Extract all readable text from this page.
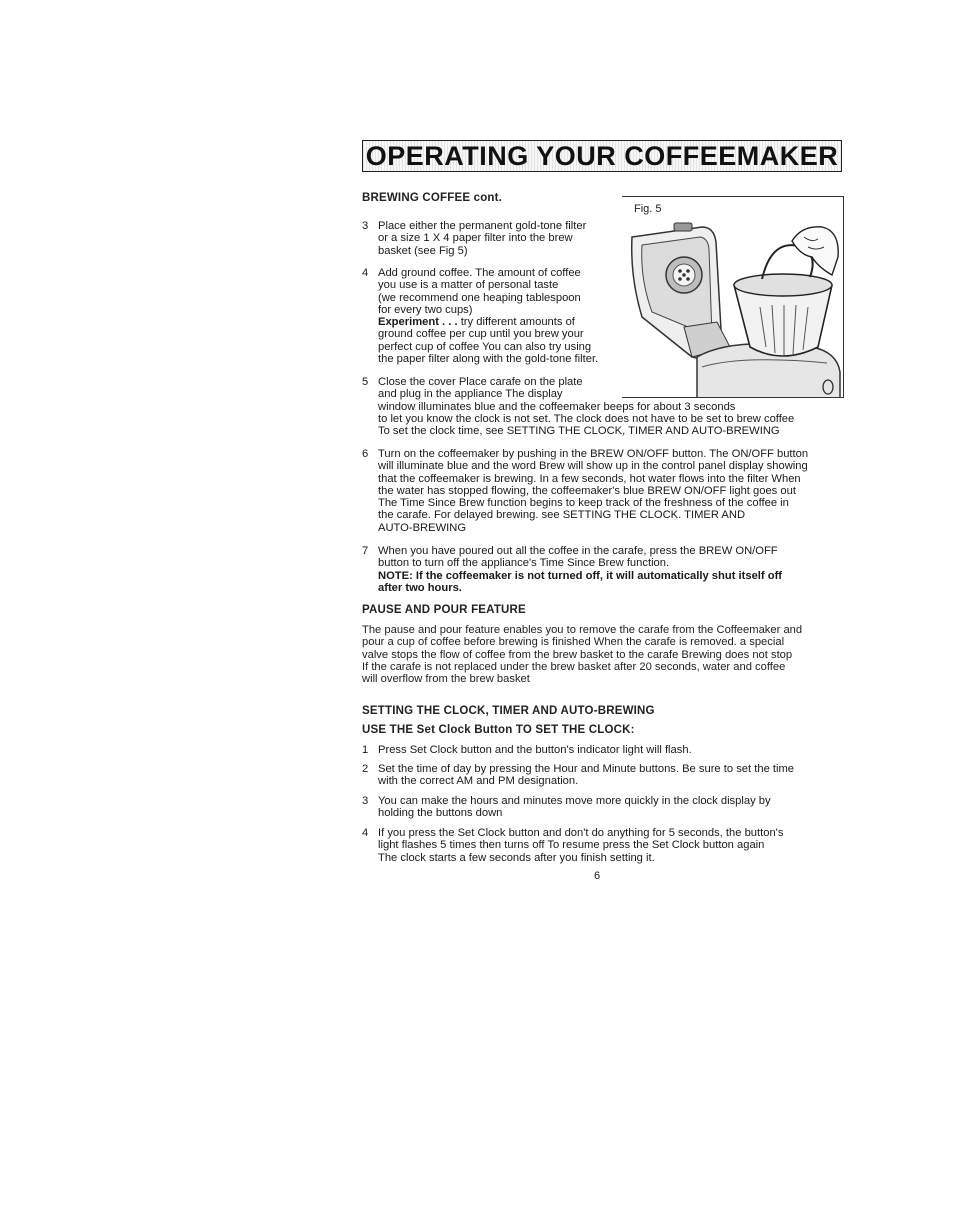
OPERATING YOUR COFFEEMAKER
BREWING COFFEE cont.
3 Place either the permanent gold-tone filter
or a size 1 X 4 paper filter into the brew
basket (see Fig 5)
4 Add ground coffee. The amount of coffee
you use is a matter of personal taste
(we recommend one heaping tablespoon
for every two cups)
Experiment . . . try different amounts of
ground coffee per cup until you brew your
perfect cup of coffee You can also try using
the paper filter along with the gold-tone filter.
5 Close the cover Place carafe on the plate
and plug in the appliance The display
window illuminates blue and the coffeemaker beeps for about 3 seconds
to let you know the clock is not set. The clock does not have to be set to brew coffee
To set the clock time, see SETTING THE CLOCK, TIMER AND AUTO-BREWING
6 Turn on the coffeemaker by pushing in the BREW ON/OFF button. The ON/OFF button
will illuminate blue and the word Brew will show up in the control panel display showing
that the coffeemaker is brewing. In a few seconds, hot water flows into the filter When
the water has stopped flowing, the coffeemaker's blue BREW ON/OFF light goes out
The Time Since Brew function begins to keep track of the freshness of the coffee in
the carafe. For delayed brewing. see SETTING THE CLOCK. TIMER AND
AUTO-BREWING
7 When you have poured out all the coffee in the carafe, press the BREW ON/OFF
button to turn off the appliance's Time Since Brew function.
NOTE: If the coffeemaker is not turned off, it will automatically shut itself off
after two hours.
Fig. 5
PAUSE AND POUR FEATURE
The pause and pour feature enables you to remove the carafe from the Coffeemaker and
pour a cup of coffee before brewing is finished When the carafe is removed. a special
valve stops the flow of coffee from the brew basket to the carafe Brewing does not stop
If the carafe is not replaced under the brew basket after 20 seconds, water and coffee
will overflow from the brew basket
SETTING THE CLOCK, TIMER AND AUTO-BREWING
USE THE Set Clock Button TO SET THE CLOCK:
1 Press Set Clock button and the button's indicator light will flash.
2 Set the time of day by pressing the Hour and Minute buttons. Be sure to set the time
with the correct AM and PM designation.
3 You can make the hours and minutes move more quickly in the clock display by
holding the buttons down
4 If you press the Set Clock button and don't do anything for 5 seconds, the button's
light flashes 5 times then turns off To resume press the Set Clock button again
The clock starts a few seconds after you finish setting it.
6
